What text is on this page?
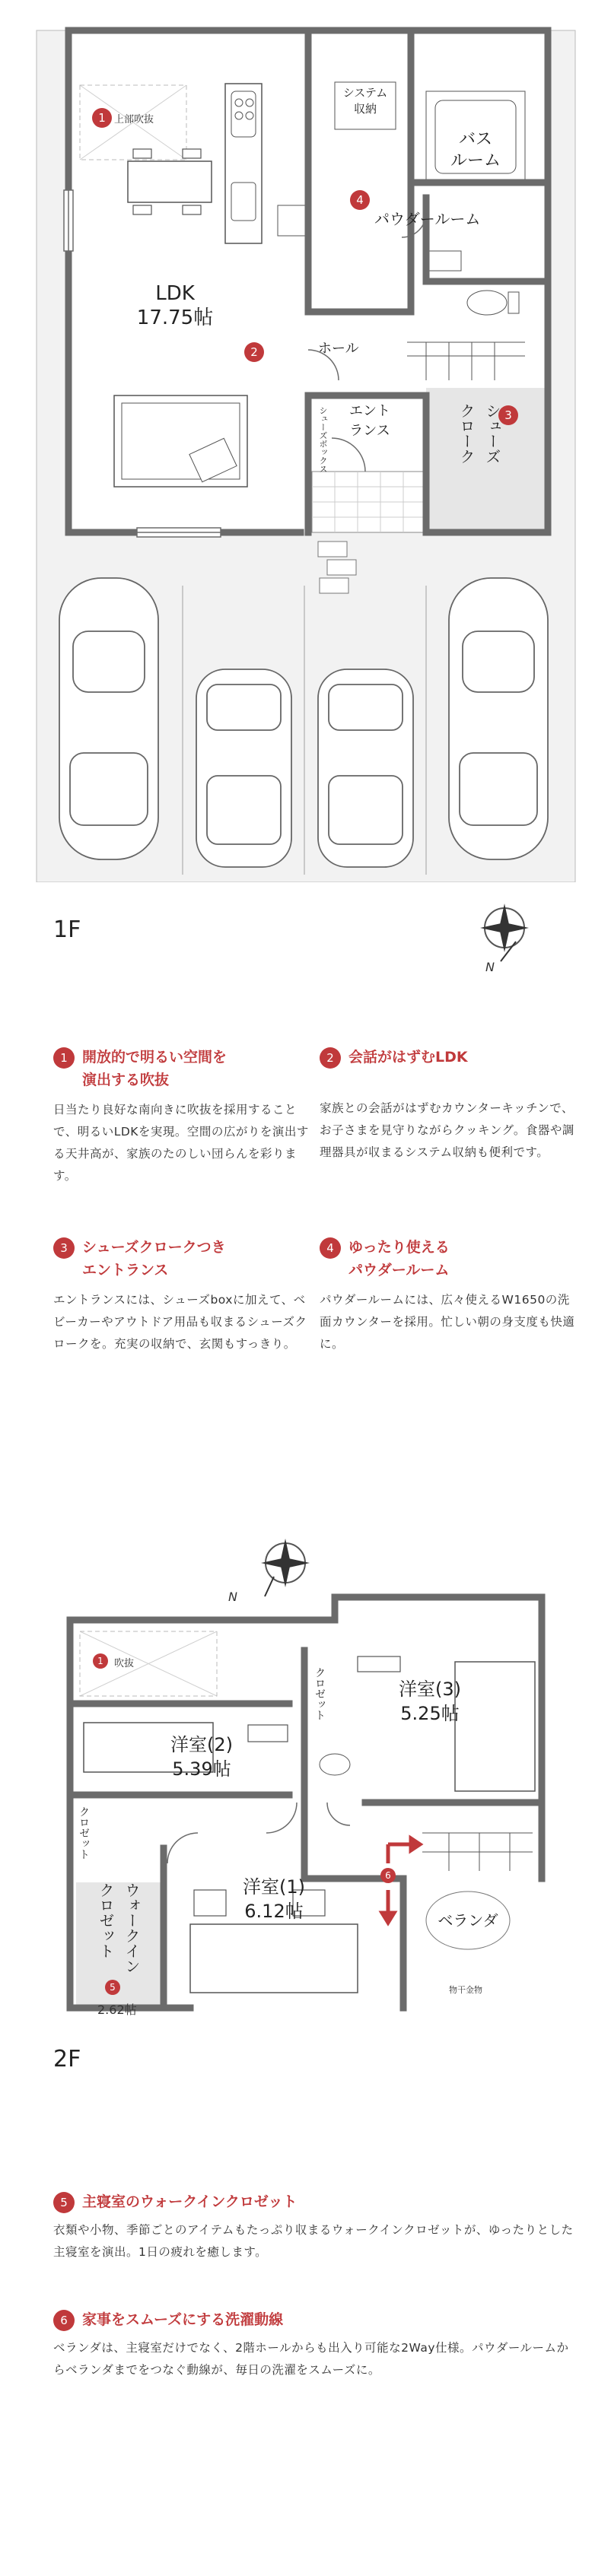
1 上部吹抜
LDK
17.75帖
2
システム
収納
バス
ルーム
4
パウダールーム
ホール
エント
ランス
シューズボックス	3
シューズ
クローク
1F
N
1	開放的で明るい空間を
演出する吹抜
日当たり良好な南向きに吹抜を採用することで、明るいLDKを実現。空間の広がりを演出する天井高が、家族のたのしい団らんを彩ります。
2	会話がはずむLDK
家族との会話がはずむカウンターキッチンで、お子さまを見守りながらクッキング。食器や調理器具が収まるシステム収納も便利です。
3	シューズクロークつき
エントランス
エントランスには、シューズboxに加えて、ベビーカーやアウトドア用品も収まるシューズクロークを。充実の収納で、玄関もすっきり。
4	ゆったり使える
パウダールーム
パウダールームには、広々使えるW1650の洗面カウンターを採用。忙しい朝の身支度も快適に。
N
1	吹抜
クロゼット	洋室(3)
5.25帖
洋室(2)
5.39帖
クロゼット
ウォークイン
クロゼット
5
2.62帖
洋室(1)
6.12帖
6
ベランダ
物干金物
2F
5	主寝室のウォークインクロゼット
衣類や小物、季節ごとのアイテムもたっぷり収まるウォークインクロゼットが、ゆったりとした主寝室を演出。1日の疲れを癒します。
6	家事をスムーズにする洗濯動線
ベランダは、主寝室だけでなく、2階ホールからも出入り可能な2Way仕様。パウダールームからベランダまでをつなぐ動線が、毎日の洗濯をスムーズに。
